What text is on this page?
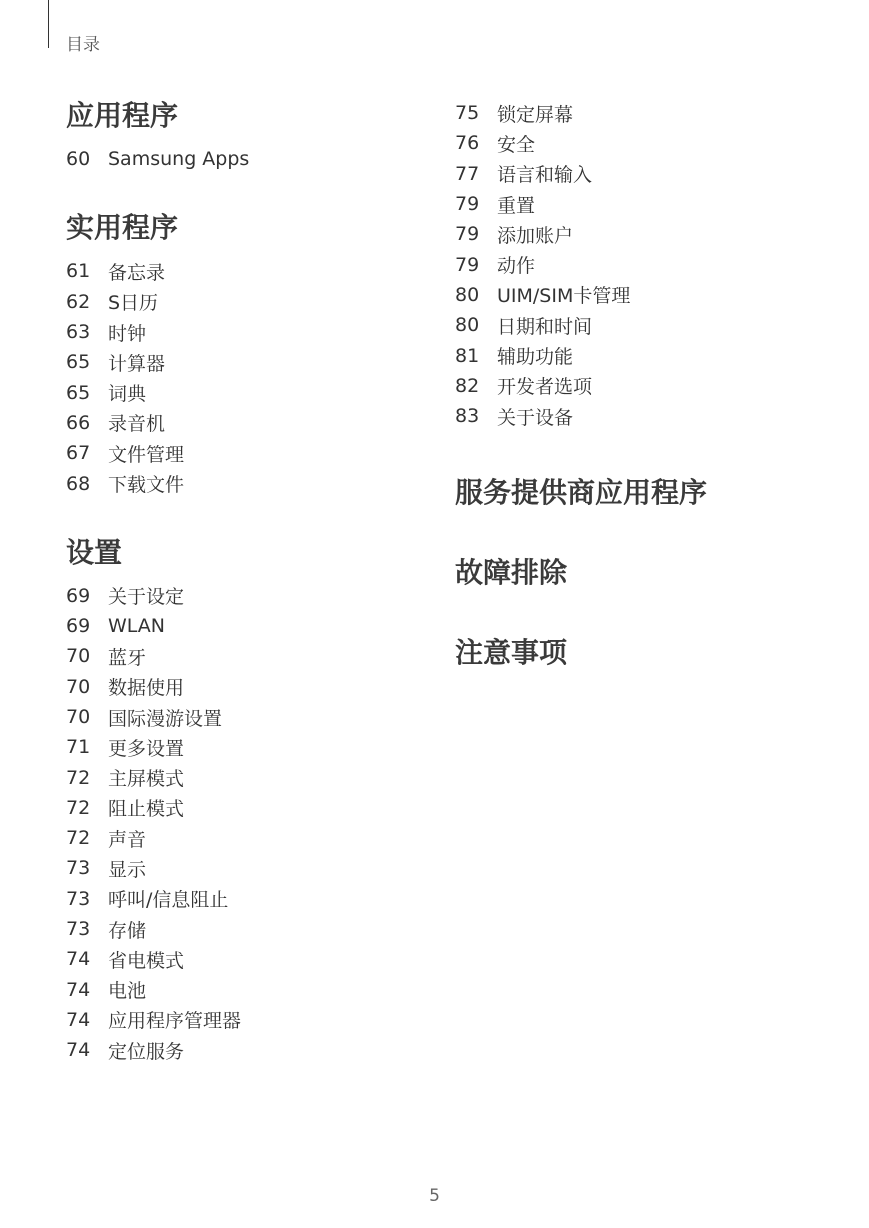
目录
应用程序
60 Samsung Apps
实用程序
61 备忘录
62 S日历
63 时钟
65 计算器
65 词典
66 录音机
67 文件管理
68 下载文件
设置
69 关于设定
69 WLAN
70 蓝牙
70 数据使用
70 国际漫游设置
71 更多设置
72 主屏模式
72 阻止模式
72 声音
73 显示
73 呼叫/信息阻止
73 存储
74 省电模式
74 电池
74 应用程序管理器
74 定位服务
75 锁定屏幕
76 安全
77 语言和输入
79 重置
79 添加账户
79 动作
80 UIM/SIM卡管理
80 日期和时间
81 辅助功能
82 开发者选项
83 关于设备
服务提供商应用程序
故障排除
注意事项
5
